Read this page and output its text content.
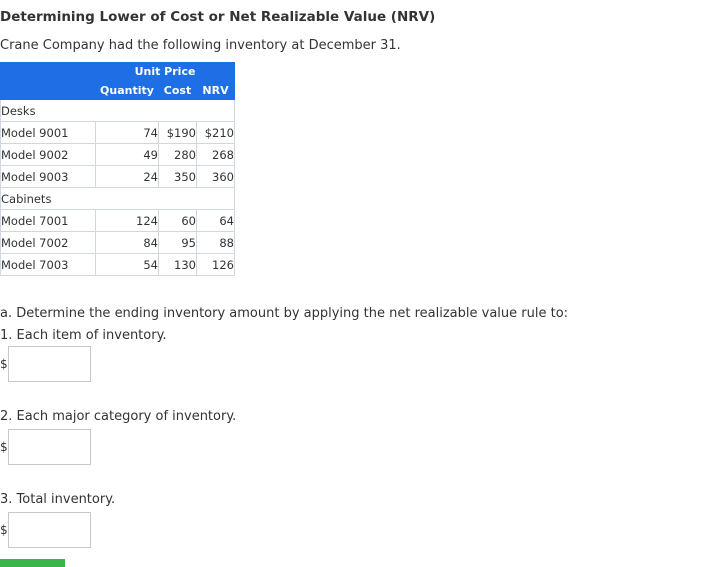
Determining Lower of Cost or Net Realizable Value (NRV)

Crane Company had the following inventory at December 31.

	Unit Price		
	Quantity	Cost	NRV
Desks			
Model 9001	74	$190	$210
Model 9002	49	280	268
Model 9003	24	350	360
Cabinets			
Model 7001	124	60	64
Model 7002	84	95	88
Model 7003	54	130	126

a. Determine the ending inventory amount by applying the net realizable value rule to:

1. Each item of inventory.

$

2. Each major category of inventory.

$

3. Total inventory.

$
